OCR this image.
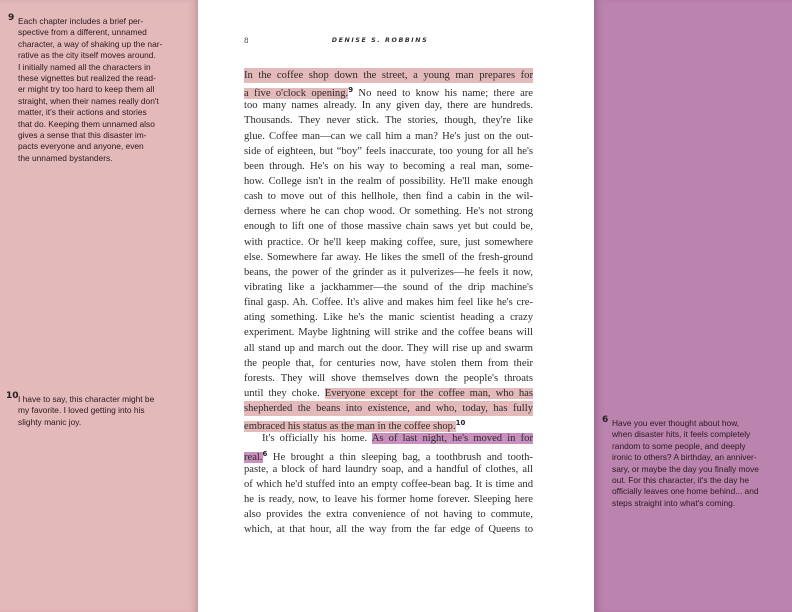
9 Each chapter includes a brief per-
spective from a different, unnamed
character, a way of shaking up the nar-
rative as the city itself moves around.
I initially named all the characters in
these vignettes but realized the read-
er might try too hard to keep them all
straight, when their names really don't
matter, it's their actions and stories
that do. Keeping them unnamed also
gives a sense that this disaster im-
pacts everyone and anyone, even
the unnamed bystanders.
10 I have to say, this character might be
my favorite. I loved getting into his
slighty manic joy.	6 Have you ever thought about how,
when disaster hits, it feels completely
random to some people, and deeply
ironic to others? A birthday, an anniver-
sary, or maybe the day you finally move
out. For this character, it's the day he
officially leaves one home behind... and
steps straight into what's coming.
8	DENISE S. ROBBINS
In the coffee shop down the street, a young man prepares for
a five o'clock opening.$^9$ No need to know his name; there are
too many names already. In any given day, there are hundreds.
Thousands. They never stick. The stories, though, they're like
glue. Coffee man—can we call him a man? He's just on the out-
side of eighteen, but “boy” feels inaccurate, too young for all he's
been through. He's on his way to becoming a real man, some-
how. College isn't in the realm of possibility. He'll make enough
cash to move out of this hellhole, then find a cabin in the wil-
derness where he can chop wood. Or something. He's not strong
enough to lift one of those massive chain saws yet but could be,
with practice. Or he'll keep making coffee, sure, just somewhere
else. Somewhere far away. He likes the smell of the fresh-ground
beans, the power of the grinder as it pulverizes—he feels it now,
vibrating like a jackhammer—the sound of the drip machine's
final gasp. Ah. Coffee. It's alive and makes him feel like he's cre-
ating something. Like he's the manic scientist heading a crazy
experiment. Maybe lightning will strike and the coffee beans will
all stand up and march out the door. They will rise up and swarm
the people that, for centuries now, have stolen them from their
forests. They will shove themselves down the people's throats
until they choke. Everyone except for the coffee man, who has
shepherded the beans into existence, and who, today, has fully
embraced his status as the man in the coffee shop.$^{10}$
It's officially his home. As of last night, he's moved in for
real.$^6$ He brought a thin sleeping bag, a toothbrush and tooth-
paste, a block of hard laundry soap, and a handful of clothes, all
of which he'd stuffed into an empty coffee-bean bag. It is time and
he is ready, now, to leave his former home forever. Sleeping here
also provides the extra convenience of not having to commute,
which, at that hour, all the way from the far edge of Queens to
